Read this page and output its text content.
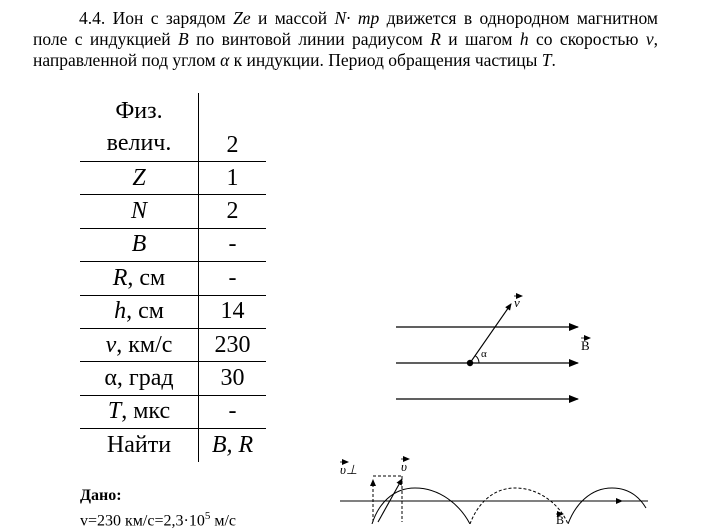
4.4. Ион с зарядом Ze и массой N· mp движется в однородном магнитном поле с индукцией B по винтовой линии радиусом R и шагом h со скоростью v, направленной под углом α к индукции. Период обращения частицы T.
Физ.
велич.	2
Z	1
N	2
B	-
R, см	-
h, см	14
v, км/с	230
α, град	30
T, мкс	-
Найти	B, R
α
v
B
υ⊥	υ
B
Дано:
v=230 $км/с=2,3\cdot 10^5$ м/с
